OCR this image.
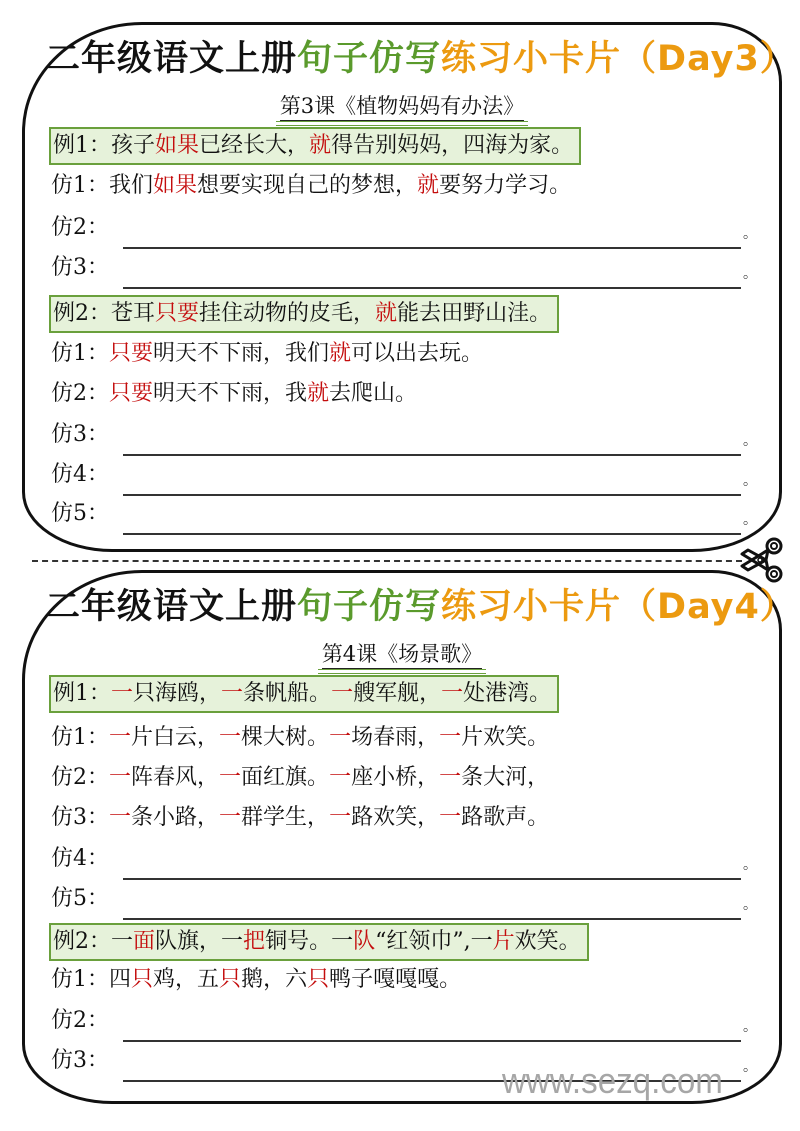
二年级语文上册句子仿写练习小卡片（Day3）
第3课《植物妈妈有办法》
例1：孩子如果已经长大，就得告别妈妈，四海为家。
仿1：我们如果想要实现自己的梦想，就要努力学习。
仿2：	。
仿3：	。
例2：苍耳只要挂住动物的皮毛，就能去田野山洼。
仿1：只要明天不下雨，我们就可以出去玩。
仿2：只要明天不下雨，我就去爬山。
仿3：	。
仿4：	。
仿5：	。
二年级语文上册句子仿写练习小卡片（Day4）
第4课《场景歌》
例1：一只海鸥，一条帆船。一艘军舰，一处港湾。
仿1：一片白云，一棵大树。一场春雨，一片欢笑。
仿2：一阵春风，一面红旗。一座小桥，一条大河，
仿3：一条小路，一群学生，一路欢笑，一路歌声。
仿4：	。
仿5：	。
例2：一面队旗，一把铜号。一队“红领巾”,一片欢笑。
仿1：四只鸡，五只鹅，六只鸭子嘎嘎嘎。
仿2：	。
仿3：	。
www.sezq.com
